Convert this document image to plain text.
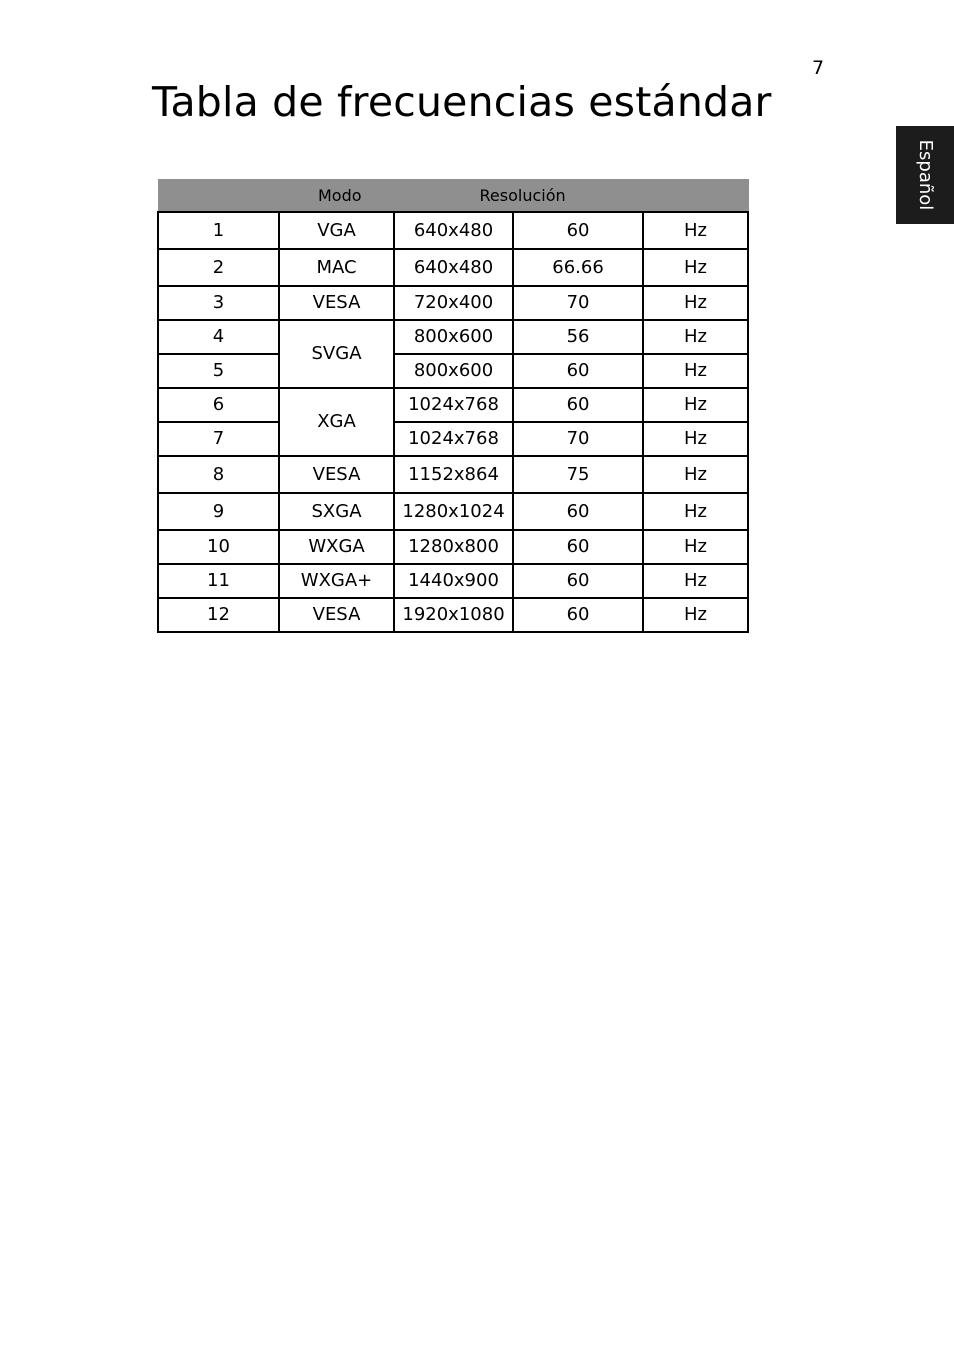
7
Tabla de frecuencias estándar
Español
Modo		Resolución		
1	VGA	640x480	60	Hz
2	MAC	640x480	66.66	Hz
3	VESA	720x400	70	Hz
4	SVGA	800x600	56	Hz
5		800x600	60	Hz
6	XGA	1024x768	60	Hz
7		1024x768	70	Hz
8	VESA	1152x864	75	Hz
9	SXGA	1280x1024	60	Hz
10	WXGA	1280x800	60	Hz
11	WXGA+	1440x900	60	Hz
12	VESA	1920x1080	60	Hz
